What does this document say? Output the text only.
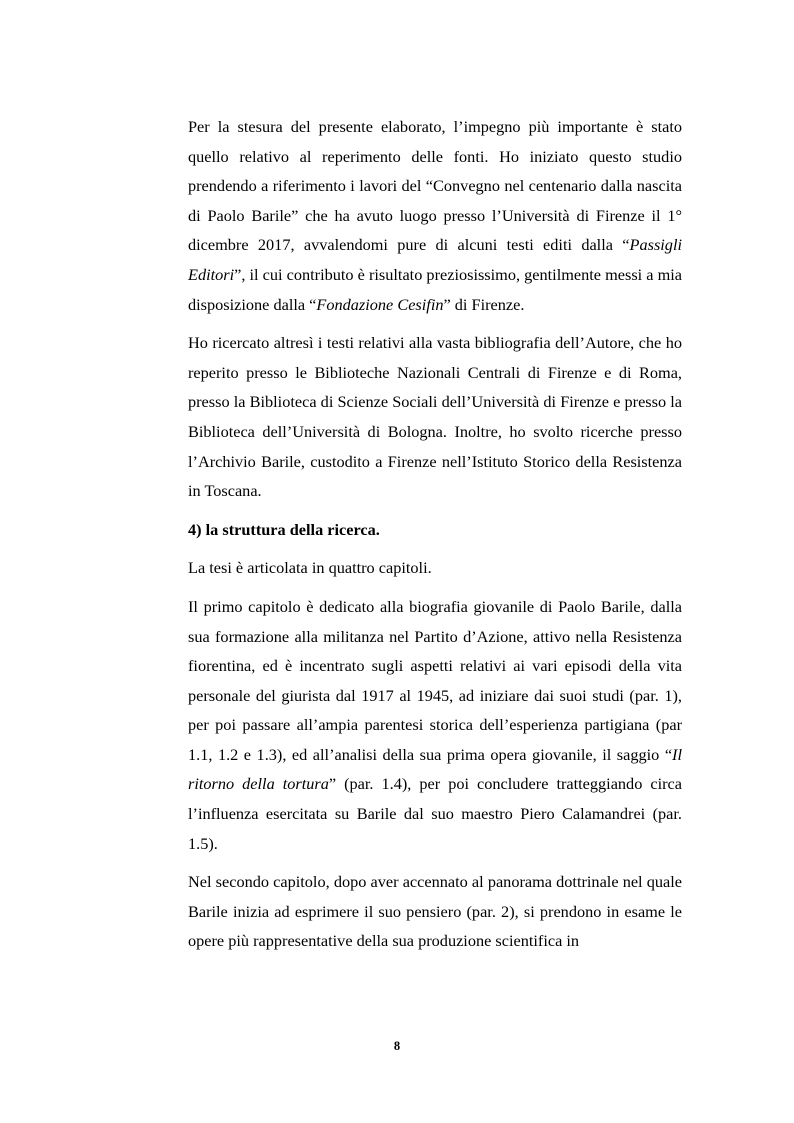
Per la stesura del presente elaborato, l’impegno più importante è stato quello relativo al reperimento delle fonti. Ho iniziato questo studio prendendo a riferimento i lavori del “Convegno nel centenario dalla nascita di Paolo Barile” che ha avuto luogo presso l’Università di Firenze il 1° dicembre 2017, avvalendomi pure di alcuni testi editi dalla “Passigli Editori”, il cui contributo è risultato preziosissimo, gentilmente messi a mia disposizione dalla “Fondazione Cesifin” di Firenze.

Ho ricercato altresì i testi relativi alla vasta bibliografia dell’Autore, che ho reperito presso le Biblioteche Nazionali Centrali di Firenze e di Roma, presso la Biblioteca di Scienze Sociali dell’Università di Firenze e presso la Biblioteca dell’Università di Bologna. Inoltre, ho svolto ricerche presso l’Archivio Barile, custodito a Firenze nell’Istituto Storico della Resistenza in Toscana.

4) la struttura della ricerca.

La tesi è articolata in quattro capitoli.

Il primo capitolo è dedicato alla biografia giovanile di Paolo Barile, dalla sua formazione alla militanza nel Partito d’Azione, attivo nella Resistenza fiorentina, ed è incentrato sugli aspetti relativi ai vari episodi della vita personale del giurista dal 1917 al 1945, ad iniziare dai suoi studi (par. 1), per poi passare all’ampia parentesi storica dell’esperienza partigiana (par 1.1, 1.2 e 1.3), ed all’analisi della sua prima opera giovanile, il saggio “Il ritorno della tortura” (par. 1.4), per poi concludere tratteggiando circa l’influenza esercitata su Barile dal suo maestro Piero Calamandrei (par. 1.5).

Nel secondo capitolo, dopo aver accennato al panorama dottrinale nel quale Barile inizia ad esprimere il suo pensiero (par. 2), si prendono in esame le opere più rappresentative della sua produzione scientifica in

8
